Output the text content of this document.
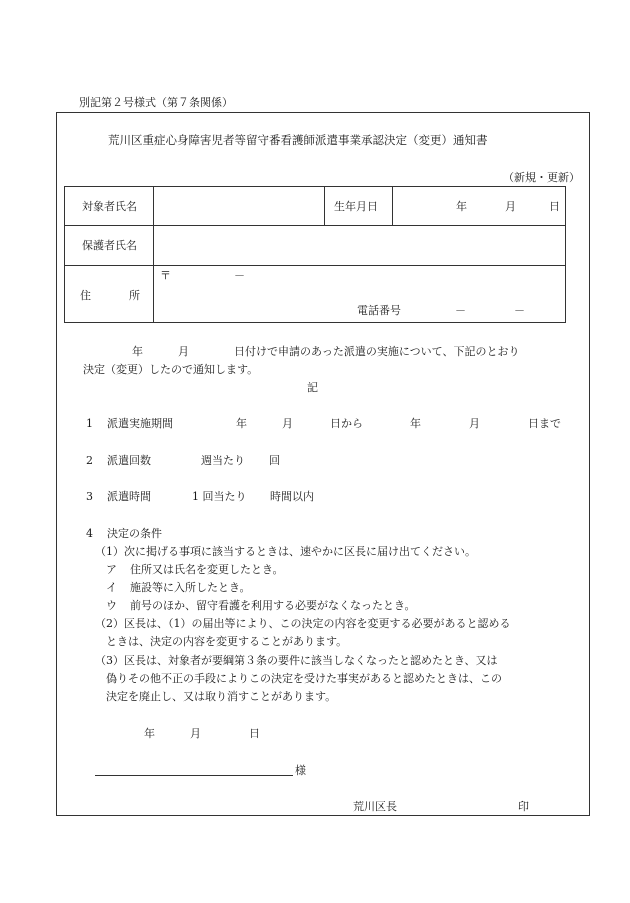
別記第２号様式（第７条関係）
荒川区重症心身障害児者等留守番看護師派遣事業承認決定（変更）通知書
（新規・更新）
対象者氏名	生年月日	年	月	日
保護者氏名
住	所
〒	－
電話番号	－	－
年	月	日付けで申請のあった派遣の実施について、下記のとおり
決定（変更）したので通知します。
記
1 派遣実施期間	年	月	日から	年	月	日まで
2 派遣回数	週当たり 回
3 派遣時間	1 回当たり 時間以内
4 決定の条件
（1）次に掲げる事項に該当するときは、速やかに区長に届け出てください。
ア 住所又は氏名を変更したとき。
イ 施設等に入所したとき。
ウ 前号のほか、留守看護を利用する必要がなくなったとき。
（2）区長は、（1）の届出等により、この決定の内容を変更する必要があると認める
ときは、決定の内容を変更することがあります。
（3）区長は、対象者が要綱第３条の要件に該当しなくなったと認めたとき、又は
偽りその他不正の手段によりこの決定を受けた事実があると認めたときは、この
決定を廃止し、又は取り消すことがあります。
年	月	日
様
荒川区長	印
